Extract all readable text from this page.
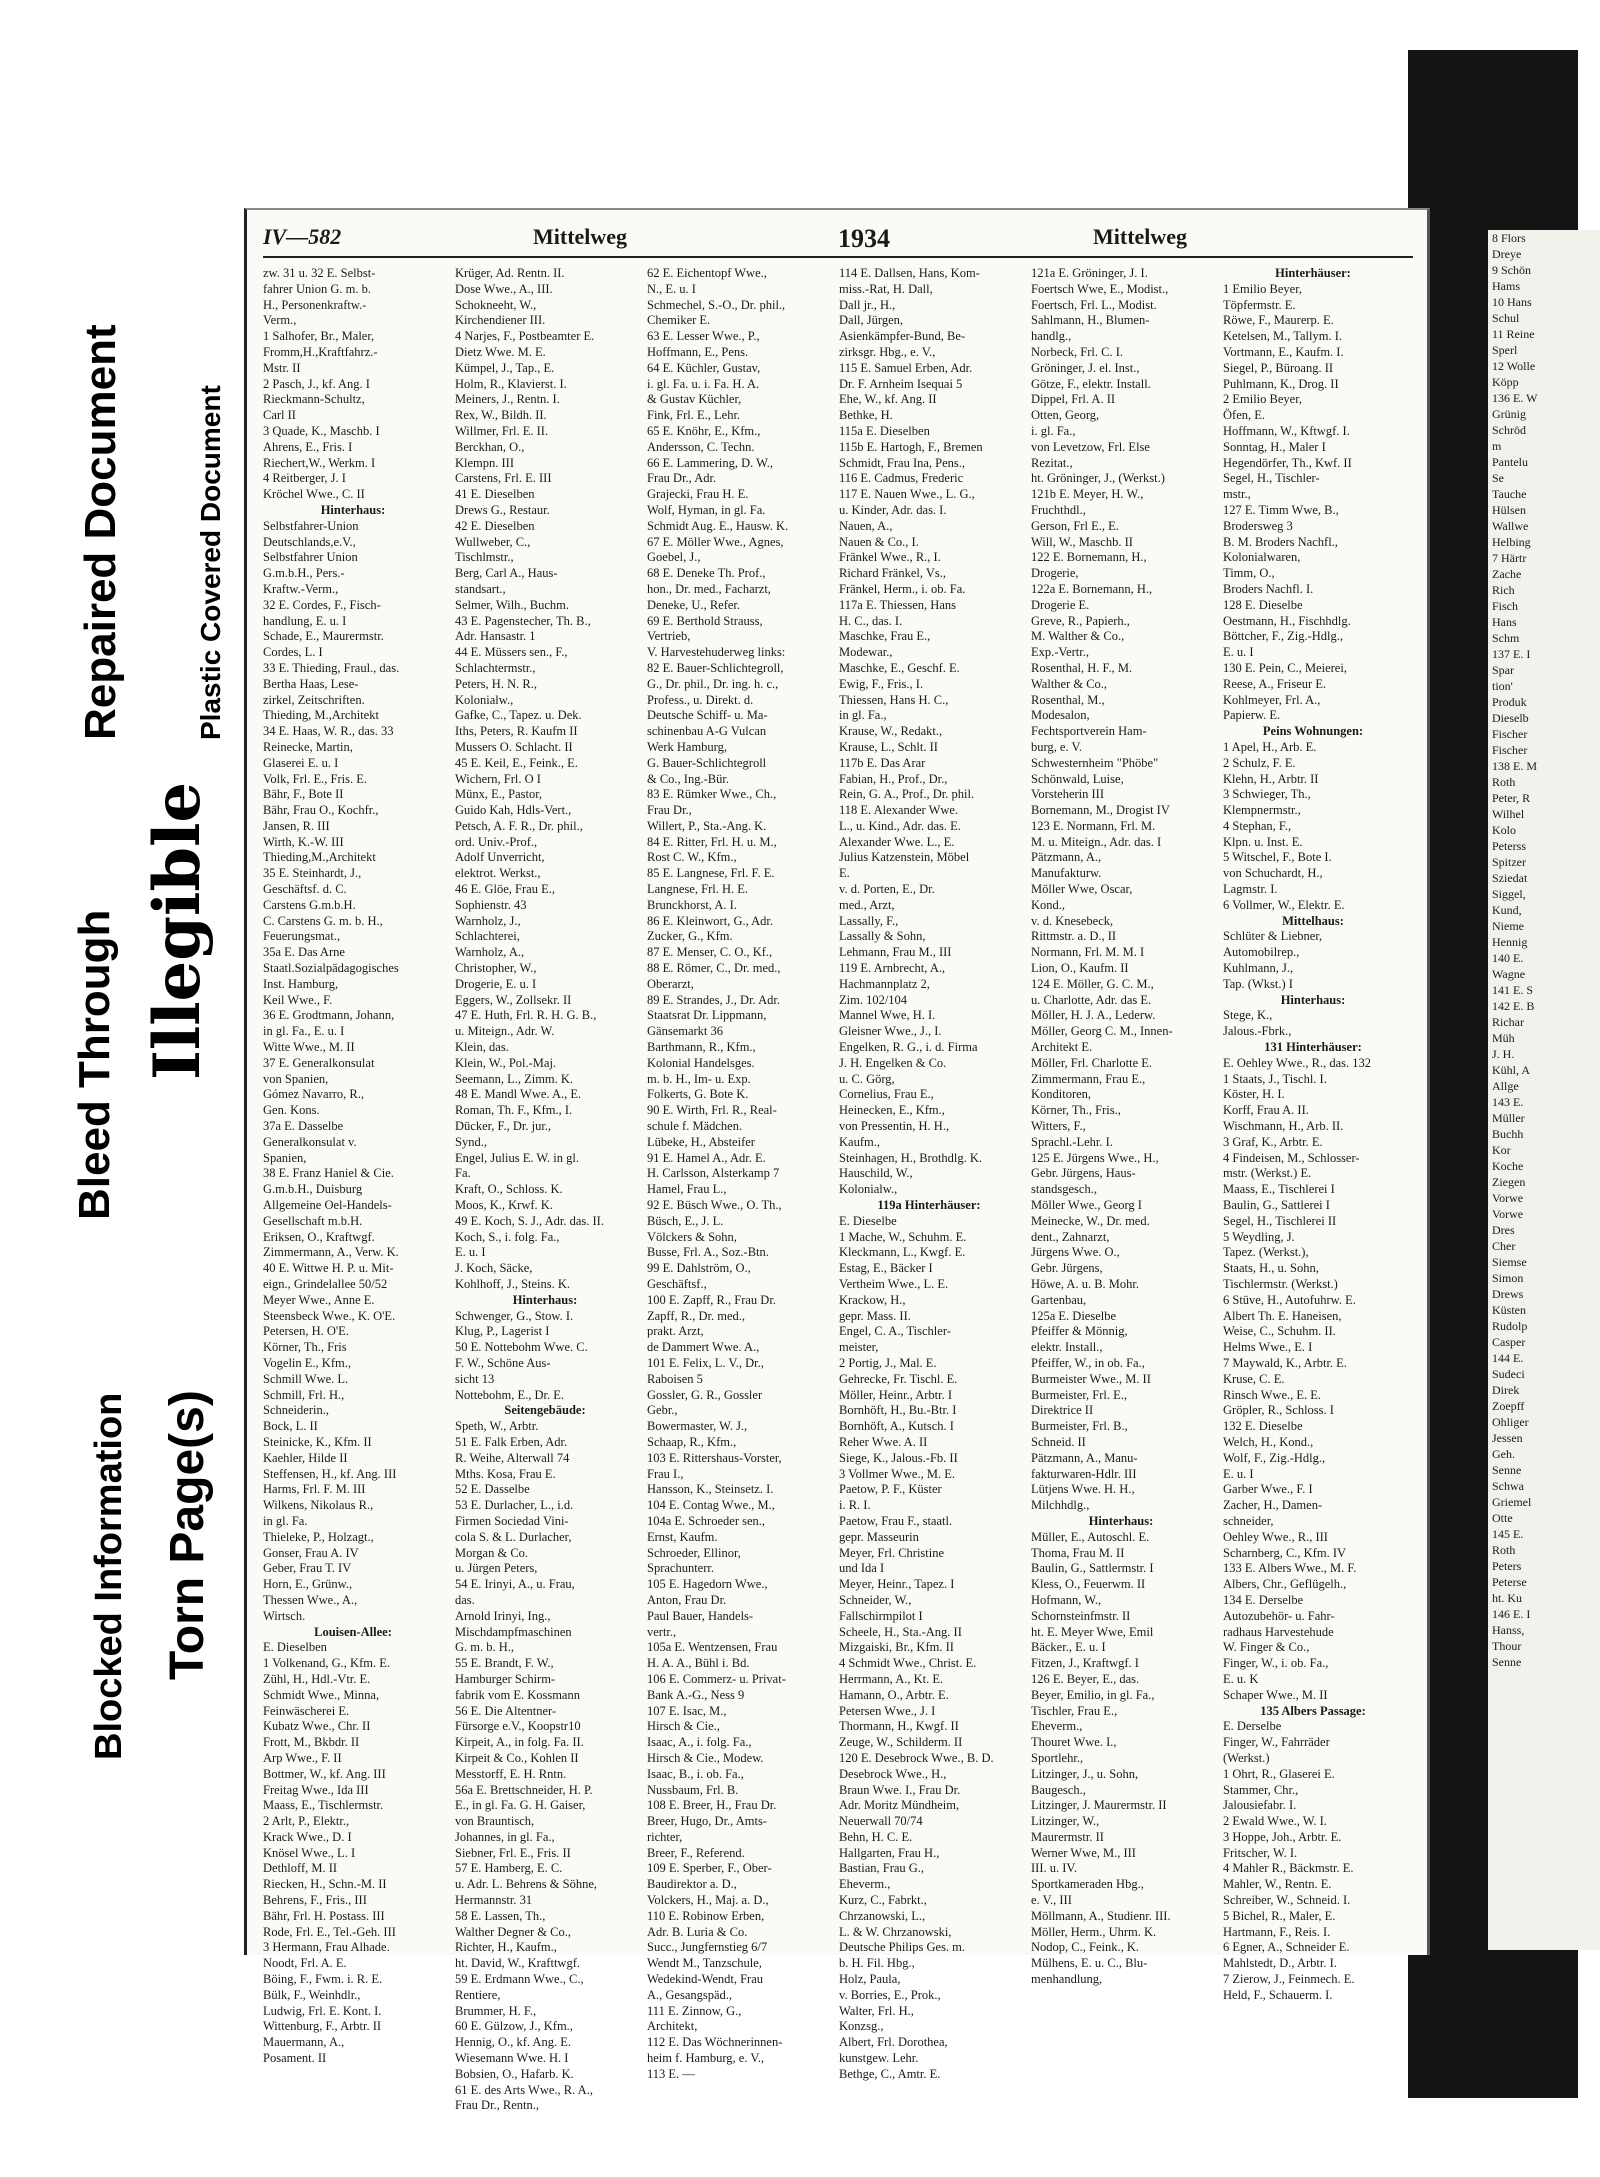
8 Flors
Dreye
9 Schön
Hams
10 Hans
Schul
11 Reine
Sperl
12 Wolle
Köpp
136 E. W
Grünig
Schröd
m
Pantelu
Se
Tauche
Hülsen
Wallwe
Helbing
7 Härtr
Zache
Rich
Fisch
Hans
Schm
137 E. I
Spar
tion'
Produk
Dieselb
Fischer
Fischer
138 E. M
Roth
Peter, R
Wilhel
Kolo
Peterss
Spitzer
Sziedat
Siggel,
Kund,
Nieme
Hennig
140 E.
Wagne
141 E. S
142 E. B
Richar
Müh
J. H.
Kühl, A
Allge
143 E.
Müller
Buchh
Kor
Koche
Ziegen
Vorwe
Vorwe
Dres
Cher
Siemse
Simon
Drews
Küsten
Rudolp
Casper
144 E.
Sudeci
Direk
Zoepff
Ohliger
Jessen
Geh.
Senne
Schwa
Griemel
Otte
145 E.
Roth
Peters
Peterse
ht. Ku
146 E. I
Hanss,
Thour
Senne
IV—582	Mittelweg	1934	Mittelweg
zw. 31 u. 32 E. Selbst-
fahrer Union G. m. b.
H., Personenkraftw.-
Verm.,
1 Salhofer, Br., Maler,
Fromm,H.,Kraftfahrz.-
Mstr. II
2 Pasch, J., kf. Ang. I
Rieckmann-Schultz,
Carl II
3 Quade, K., Maschb. I
Ahrens, E., Fris. I
Riechert,W., Werkm. I
4 Reitberger, J. I
Kröchel Wwe., C. II
Hinterhaus:
Selbstfahrer-Union
Deutschlands,e.V.,
Selbstfahrer Union
G.m.b.H., Pers.-
Kraftw.-Verm.,
32 E. Cordes, F., Fisch-
handlung, E. u. I
Schade, E., Maurermstr.
Cordes, L. I
33 E. Thieding, Fraul., das.
Bertha Haas, Lese-
zirkel, Zeitschriften.
Thieding, M.,Architekt
34 E. Haas, W. R., das. 33
Reinecke, Martin,
Glaserei E. u. I
Volk, Frl. E., Fris. E.
Bähr, F., Bote II
Bähr, Frau O., Kochfr.,
Jansen, R. III
Wirth, K.-W. III
Thieding,M.,Architekt
35 E. Steinhardt, J.,
Geschäftsf. d. C.
Carstens G.m.b.H.
C. Carstens G. m. b. H.,
Feuerungsmat.,
35a E. Das Arne
Staatl.Sozialpädagogisches
Inst. Hamburg,
Keil Wwe., F.
36 E. Grodtmann, Johann,
in gl. Fa., E. u. I
Witte Wwe., M. II
37 E. Generalkonsulat
von Spanien,
Gómez Navarro, R.,
Gen. Kons.
37a E. Dasselbe
Generalkonsulat v.
Spanien,
38 E. Franz Haniel & Cie.
G.m.b.H., Duisburg
Allgemeine Oel-Handels-
Gesellschaft m.b.H.
Eriksen, O., Kraftwgf.
Zimmermann, A., Verw. K.
40 E. Wittwe H. P. u. Mit-
eign., Grindelallee 50/52
Meyer Wwe., Anne E.
Steensbeck Wwe., K. O'E.
Petersen, H. O'E.
Körner, Th., Fris
Vogelin E., Kfm.,
Schmill Wwe. L.
Schmill, Frl. H.,
Schneiderin.,
Bock, L. II
Steinicke, K., Kfm. II
Kaehler, Hilde II
Steffensen, H., kf. Ang. III
Harms, Frl. F. M. III
Wilkens, Nikolaus R.,
in gl. Fa.
Thieleke, P., Holzagt.,
Gonser, Frau A. IV
Geber, Frau T. IV
Horn, E., Grünw.,
Thessen Wwe., A.,
Wirtsch.
Louisen-Allee:
E. Dieselben
1 Volkenand, G., Kfm. E.
Zühl, H., Hdl.-Vtr. E.
Schmidt Wwe., Minna,
Feinwäscherei E.
Kubatz Wwe., Chr. II
Frott, M., Bkbdr. II
Arp Wwe., F. II
Bottmer, W., kf. Ang. III
Freitag Wwe., Ida III
Maass, E., Tischlermstr.
2 Arlt, P., Elektr.,
Krack Wwe., D. I
Knösel Wwe., L. I
Dethloff, M. II
Riecken, H., Schn.-M. II
Behrens, F., Fris., III
Bähr, Frl. H. Postass. III
Rode, Frl. E., Tel.-Geh. III
3 Hermann, Frau Alhade.
Noodt, Frl. A. E.
Böing, F., Fwm. i. R. E.
Bülk, F., Weinhdlr.,
Ludwig, Frl. E. Kont. I.
Wittenburg, F., Arbtr. II
Mauermann, A.,
Posament. II
Krüger, Ad. Rentn. II.
Dose Wwe., A., III.
Schokneeht, W.,
Kirchendiener III.
4 Narjes, F., Postbeamter E.
Dietz Wwe. M. E.
Kümpel, J., Tap., E.
Holm, R., Klavierst. I.
Meiners, J., Rentn. I.
Rex, W., Bildh. II.
Willmer, Frl. E. II.
Berckhan, O.,
Klempn. III
Carstens, Frl. E. III
41 E. Dieselben
Drews G., Restaur.
42 E. Dieselben
Wullweber, C.,
Tischlmstr.,
Berg, Carl A., Haus-
standsart.,
Selmer, Wilh., Buchm.
43 E. Pagenstecher, Th. B.,
Adr. Hansastr. 1
44 E. Müssers sen., F.,
Schlachtermstr.,
Peters, H. N. R.,
Kolonialw.,
Gafke, C., Tapez. u. Dek.
Iths, Peters, R. Kaufm II
Mussers O. Schlacht. II
45 E. Keil, E., Feink., E.
Wichern, Frl. O I
Münx, E., Pastor,
Guido Kah, Hdls-Vert.,
Petsch, A. F. R., Dr. phil.,
ord. Univ.-Prof.,
Adolf Unverricht,
elektrot. Werkst.,
46 E. Glöe, Frau E.,
Sophienstr. 43
Warnholz, J.,
Schlachterei,
Warnholz, A.,
Christopher, W.,
Drogerie, E. u. I
Eggers, W., Zollsekr. II
47 E. Huth, Frl. R. H. G. B.,
u. Miteign., Adr. W.
Klein, das.
Klein, W., Pol.-Maj.
Seemann, L., Zimm. K.
48 E. Mandl Wwe. A., E.
Roman, Th. F., Kfm., I.
Dücker, F., Dr. jur.,
Synd.,
Engel, Julius E. W. in gl.
Fa.
Kraft, O., Schloss. K.
Moos, K., Krwf. K.
49 E. Koch, S. J., Adr. das. II.
Koch, S., i. folg. Fa.,
E. u. I
J. Koch, Säcke,
Kohlhoff, J., Steins. K.
Hinterhaus:
Schwenger, G., Stow. I.
Klug, P., Lagerist I
50 E. Nottebohm Wwe. C.
F. W., Schöne Aus-
sicht 13
Nottebohm, E., Dr. E.
Seitengebäude:
Speth, W., Arbtr.
51 E. Falk Erben, Adr.
R. Weihe, Alterwall 74
Mths. Kosa, Frau E.
52 E. Dasselbe
53 E. Durlacher, L., i.d.
Firmen Sociedad Vini-
cola S. & L. Durlacher,
Morgan & Co.
u. Jürgen Peters,
54 E. Irinyi, A., u. Frau,
das.
Arnold Irinyi, Ing.,
Mischdampfmaschinen
G. m. b. H.,
55 E. Brandt, F. W.,
Hamburger Schirm-
fabrik vom E. Kossmann
56 E. Die Altentner-
Fürsorge e.V., Koopstr10
Kirpeit, A., in folg. Fa. II.
Kirpeit & Co., Kohlen II
Messtorff, E. H. Rntn.
56a E. Brettschneider, H. P.
E., in gl. Fa. G. H. Gaiser,
von Brauntisch,
Johannes, in gl. Fa.,
Siebner, Frl. E., Fris. II
57 E. Hamberg, E. C.
u. Adr. L. Behrens & Söhne,
Hermannstr. 31
58 E. Lassen, Th.,
Walther Degner & Co.,
Richter, H., Kaufm.,
ht. David, W., Krafttwgf.
59 E. Erdmann Wwe., C.,
Rentiere,
Brummer, H. F.,
60 E. Gülzow, J., Kfm.,
Hennig, O., kf. Ang. E.
Wiesemann Wwe. H. I
Bobsien, O., Hafarb. K.
61 E. des Arts Wwe., R. A.,
Frau Dr., Rentn.,
62 E. Eichentopf Wwe.,
N., E. u. I
Schmechel, S.-O., Dr. phil.,
Chemiker E.
63 E. Lesser Wwe., P.,
Hoffmann, E., Pens.
64 E. Küchler, Gustav,
i. gl. Fa. u. i. Fa. H. A.
& Gustav Küchler,
Fink, Frl. E., Lehr.
65 E. Knöhr, E., Kfm.,
Andersson, C. Techn.
66 E. Lammering, D. W.,
Frau Dr., Adr.
Grajecki, Frau H. E.
Wolf, Hyman, in gl. Fa.
Schmidt Aug. E., Hausw. K.
67 E. Möller Wwe., Agnes,
Goebel, J.,
68 E. Deneke Th. Prof.,
hon., Dr. med., Facharzt,
Deneke, U., Refer.
69 E. Berthold Strauss,
Vertrieb,
V. Harvestehuderweg links:
82 E. Bauer-Schlichtegroll,
G., Dr. phil., Dr. ing. h. c.,
Profess., u. Direkt. d.
Deutsche Schiff- u. Ma-
schinenbau A-G Vulcan
Werk Hamburg,
G. Bauer-Schlichtegroll
& Co., Ing.-Bür.
83 E. Rümker Wwe., Ch.,
Frau Dr.,
Willert, P., Sta.-Ang. K.
84 E. Ritter, Frl. H. u. M.,
Rost C. W., Kfm.,
85 E. Langnese, Frl. F. E.
Langnese, Frl. H. E.
Brunckhorst, A. I.
86 E. Kleinwort, G., Adr.
Zucker, G., Kfm.
87 E. Menser, C. O., Kf.,
88 E. Römer, C., Dr. med.,
Oberarzt,
89 E. Strandes, J., Dr. Adr.
Staatsrat Dr. Lippmann,
Gänsemarkt 36
Barthmann, R., Kfm.,
Kolonial Handelsges.
m. b. H., Im- u. Exp.
Folkerts, G. Bote K.
90 E. Wirth, Frl. R., Real-
schule f. Mädchen.
Lübeke, H., Absteifer
91 E. Hamel A., Adr. E.
H. Carlsson, Alsterkamp 7
Hamel, Frau L.,
92 E. Büsch Wwe., O. Th.,
Büsch, E., J. L.
Völckers & Sohn,
Busse, Frl. A., Soz.-Btn.
99 E. Dahlström, O.,
Geschäftsf.,
100 E. Zapff, R., Frau Dr.
Zapff, R., Dr. med.,
prakt. Arzt,
de Dammert Wwe. A.,
101 E. Felix, L. V., Dr.,
Raboisen 5
Gossler, G. R., Gossler
Gebr.,
Bowermaster, W. J.,
Schaap, R., Kfm.,
103 E. Rittershaus-Vorster,
Frau I.,
Hansson, K., Steinsetz. I.
104 E. Contag Wwe., M.,
104a E. Schroeder sen.,
Ernst, Kaufm.
Schroeder, Ellinor,
Sprachunterr.
105 E. Hagedorn Wwe.,
Anton, Frau Dr.
Paul Bauer, Handels-
vertr.,
105a E. Wentzensen, Frau
H. A. A., Bühl i. Bd.
106 E. Commerz- u. Privat-
Bank A.-G., Ness 9
107 E. Isac, M.,
Hirsch & Cie.,
Isaac, A., i. folg. Fa.,
Hirsch & Cie., Modew.
Isaac, B., i. ob. Fa.,
Nussbaum, Frl. B.
108 E. Breer, H., Frau Dr.
Breer, Hugo, Dr., Amts-
richter,
Breer, F., Referend.
109 E. Sperber, F., Ober-
Baudirektor a. D.,
Volckers, H., Maj. a. D.,
110 E. Robinow Erben,
Adr. B. Luria & Co.
Succ., Jungfernstieg 6/7
Wendt M., Tanzschule,
Wedekind-Wendt, Frau
A., Gesangspäd.,
111 E. Zinnow, G.,
Architekt,
112 E. Das Wöchnerinnen-
heim f. Hamburg, e. V.,
113 E. —
114 E. Dallsen, Hans, Kom-
miss.-Rat, H. Dall,
Dall jr., H.,
Dall, Jürgen,
Asienkämpfer-Bund, Be-
zirksgr. Hbg., e. V.,
115 E. Samuel Erben, Adr.
Dr. F. Arnheim Isequai 5
Ehe, W., kf. Ang. II
Bethke, H.
115a E. Dieselben
115b E. Hartogh, F., Bremen
Schmidt, Frau Ina, Pens.,
116 E. Cadmus, Frederic
117 E. Nauen Wwe., L. G.,
u. Kinder, Adr. das. I.
Nauen, A.,
Nauen & Co., I.
Fränkel Wwe., R., I.
Richard Fränkel, Vs.,
Fränkel, Herm., i. ob. Fa.
117a E. Thiessen, Hans
H. C., das. I.
Maschke, Frau E.,
Modewar.,
Maschke, E., Geschf. E.
Ewig, F., Fris., I.
Thiessen, Hans H. C.,
in gl. Fa.,
Krause, W., Redakt.,
Krause, L., Schlt. II
117b E. Das Arar
Fabian, H., Prof., Dr.,
Rein, G. A., Prof., Dr. phil.
118 E. Alexander Wwe.
L., u. Kind., Adr. das. E.
Alexander Wwe. L., E.
Julius Katzenstein, Möbel
E.
v. d. Porten, E., Dr.
med., Arzt,
Lassally, F.,
Lassally & Sohn,
Lehmann, Frau M., III
119 E. Arnbrecht, A.,
Hachmannplatz 2,
Zim. 102/104
Mannel Wwe, H. I.
Gleisner Wwe., J., I.
Engelken, R. G., i. d. Firma
J. H. Engelken & Co.
u. C. Görg,
Cornelius, Frau E.,
Heinecken, E., Kfm.,
von Pressentin, H. H.,
Kaufm.,
Steinhagen, H., Brothdlg. K.
Hauschild, W.,
Kolonialw.,
119a Hinterhäuser:
E. Dieselbe
1 Mache, W., Schuhm. E.
Kleckmann, L., Kwgf. E.
Estag, E., Bäcker I
Vertheim Wwe., L. E.
Krackow, H.,
gepr. Mass. II.
Engel, C. A., Tischler-
meister,
2 Portig, J., Mal. E.
Gehrecke, Fr. Tischl. E.
Möller, Heinr., Arbtr. I
Bornhöft, H., Bu.-Btr. I
Bornhöft, A., Kutsch. I
Reher Wwe. A. II
Siege, K., Jalous.-Fb. II
3 Vollmer Wwe., M. E.
Paetow, P. F., Küster
i. R. I.
Paetow, Frau F., staatl.
gepr. Masseurin
Meyer, Frl. Christine
und Ida I
Meyer, Heinr., Tapez. I
Schneider, W.,
Fallschirmpilot I
Scheele, H., Sta.-Ang. II
Mizgaiski, Br., Kfm. II
4 Schmidt Wwe., Christ. E.
Herrmann, A., Kt. E.
Hamann, O., Arbtr. E.
Petersen Wwe., J. I
Thormann, H., Kwgf. II
Zeuge, W., Schilderm. II
120 E. Desebrock Wwe., B. D.
Desebrock Wwe., H.,
Braun Wwe. I., Frau Dr.
Adr. Moritz Mündheim,
Neuerwall 70/74
Behn, H. C. E.
Hallgarten, Frau H.,
Bastian, Frau G.,
Eheverm.,
Kurz, C., Fabrkt.,
Chrzanowski, L.,
L. & W. Chrzanowski,
Deutsche Philips Ges. m.
b. H. Fil. Hbg.,
Holz, Paula,
v. Borries, E., Prok.,
Walter, Frl. H.,
Konzsg.,
Albert, Frl. Dorothea,
kunstgew. Lehr.
Bethge, C., Amtr. E.
121a E. Gröninger, J. I.
Foertsch Wwe, E., Modist.,
Foertsch, Frl. L., Modist.
Sahlmann, H., Blumen-
handlg.,
Norbeck, Frl. C. I.
Gröninger, J. el. Inst.,
Götze, F., elektr. Install.
Dippel, Frl. A. II
Otten, Georg,
i. gl. Fa.,
von Levetzow, Frl. Else
Rezitat.,
ht. Gröninger, J., (Werkst.)
121b E. Meyer, H. W.,
Fruchthdl.,
Gerson, Frl E., E.
Will, W., Maschb. II
122 E. Bornemann, H.,
Drogerie,
122a E. Bornemann, H.,
Drogerie E.
Greve, R., Papierh.,
M. Walther & Co.,
Exp.-Vertr.,
Rosenthal, H. F., M.
Walther & Co.,
Rosenthal, M.,
Modesalon,
Fechtsportverein Ham-
burg, e. V.
Schwesternheim "Phöbe"
Schönwald, Luise,
Vorsteherin III
Bornemann, M., Drogist IV
123 E. Normann, Frl. M.
M. u. Miteign., Adr. das. I
Pätzmann, A.,
Manufakturw.
Möller Wwe, Oscar,
Kond.,
v. d. Knesebeck,
Rittmstr. a. D., II
Normann, Frl. M. M. I
Lion, O., Kaufm. II
124 E. Möller, G. C. M.,
u. Charlotte, Adr. das E.
Möller, H. J. A., Lederw.
Möller, Georg C. M., Innen-
Architekt E.
Möller, Frl. Charlotte E.
Zimmermann, Frau E.,
Konditoren,
Körner, Th., Fris.,
Witters, F.,
Sprachl.-Lehr. I.
125 E. Jürgens Wwe., H.,
Gebr. Jürgens, Haus-
standsgesch.,
Möller Wwe., Georg I
Meinecke, W., Dr. med.
dent., Zahnarzt,
Jürgens Wwe. O.,
Gebr. Jürgens,
Höwe, A. u. B. Mohr.
Gartenbau,
125a E. Dieselbe
Pfeiffer & Mönnig,
elektr. Install.,
Pfeiffer, W., in ob. Fa.,
Burmeister Wwe., M. II
Burmeister, Frl. E.,
Direktrice II
Burmeister, Frl. B.,
Schneid. II
Pätzmann, A., Manu-
fakturwaren-Hdlr. III
Lütjens Wwe. H. H.,
Milchhdlg.,
Hinterhaus:
Müller, E., Autoschl. E.
Thoma, Frau M. II
Baulin, G., Sattlermstr. I
Kless, O., Feuerwm. II
Hofmann, W.,
Schornsteinfmstr. II
ht. E. Meyer Wwe, Emil
Bäcker., E. u. I
Fitzen, J., Kraftwgf. I
126 E. Beyer, E., das.
Beyer, Emilio, in gl. Fa.,
Tischler, Frau E.,
Eheverm.,
Thouret Wwe. I.,
Sportlehr.,
Litzinger, J., u. Sohn,
Baugesch.,
Litzinger, J. Maurermstr. II
Litzinger, W.,
Maurermstr. II
Werner Wwe, M., III
III. u. IV.
Sportkameraden Hbg.,
e. V., III
Möllmann, A., Studienr. III.
Möller, Herm., Uhrm. K.
Nodop, C., Feink., K.
Mülhens, E. u. C., Blu-
menhandlung,
Hinterhäuser:
1 Emilio Beyer,
Töpfermstr. E.
Röwe, F., Maurerp. E.
Ketelsen, M., Tallym. I.
Vortmann, E., Kaufm. I.
Siegel, P., Büroang. II
Puhlmann, K., Drog. II
2 Emilio Beyer,
Öfen, E.
Hoffmann, W., Kftwgf. I.
Sonntag, H., Maler I
Hegendörfer, Th., Kwf. II
Segel, H., Tischler-
mstr.,
127 E. Timm Wwe, B.,
Brodersweg 3
B. M. Broders Nachfl.,
Kolonialwaren,
Timm, O.,
Broders Nachfl. I.
128 E. Dieselbe
Oestmann, H., Fischhdlg.
Böttcher, F., Zig.-Hdlg.,
E. u. I
130 E. Pein, C., Meierei,
Reese, A., Friseur E.
Kohlmeyer, Frl. A.,
Papierw. E.
Peins Wohnungen:
1 Apel, H., Arb. E.
2 Schulz, F. E.
Klehn, H., Arbtr. II
3 Schwieger, Th.,
Klempnermstr.,
4 Stephan, F.,
Klpn. u. Inst. E.
5 Witschel, F., Bote I.
von Schuchardt, H.,
Lagmstr. I.
6 Vollmer, W., Elektr. E.
Mittelhaus:
Schlüter & Liebner,
Automobilrep.,
Kuhlmann, J.,
Tap. (Wkst.) I
Hinterhaus:
Stege, K.,
Jalous.-Fbrk.,
131 Hinterhäuser:
E. Oehley Wwe., R., das. 132
1 Staats, J., Tischl. I.
Köster, H. I.
Korff, Frau A. II.
Wischmann, H., Arb. II.
3 Graf, K., Arbtr. E.
4 Findeisen, M., Schlosser-
mstr. (Werkst.) E.
Maass, E., Tischlerei I
Baulin, G., Sattlerei I
Segel, H., Tischlerei II
5 Weydling, J.
Tapez. (Werkst.),
Staats, H., u. Sohn,
Tischlermstr. (Werkst.)
6 Stüve, H., Autofuhrw. E.
Albert Th. E. Haneisen,
Weise, C., Schuhm. II.
Helms Wwe., E. I
7 Maywald, K., Arbtr. E.
Kruse, C. E.
Rinsch Wwe., E. E.
Gröpler, R., Schloss. I
132 E. Dieselbe
Welch, H., Kond.,
Wolf, F., Zig.-Hdlg.,
E. u. I
Garber Wwe., F. I
Zacher, H., Damen-
schneider,
Oehley Wwe., R., III
Scharnberg, C., Kfm. IV
133 E. Albers Wwe., M. F.
Albers, Chr., Geflügelh.,
134 E. Derselbe
Autozubehör- u. Fahr-
radhaus Harvestehude
W. Finger & Co.,
Finger, W., i. ob. Fa.,
E. u. K
Schaper Wwe., M. II
135 Albers Passage:
E. Derselbe
Finger, W., Fahrräder
(Werkst.)
1 Ohrt, R., Glaserei E.
Stammer, Chr.,
Jalousiefabr. I.
2 Ewald Wwe., W. I.
3 Hoppe, Joh., Arbtr. E.
Fritscher, W. I.
4 Mahler R., Bäckmstr. E.
Mahler, W., Rentn. E.
Schreiber, W., Schneid. I.
5 Bichel, R., Maler, E.
Hartmann, F., Reis. I.
6 Egner, A., Schneider E.
Mahlstedt, D., Arbtr. I.
7 Zierow, J., Feinmech. E.
Held, F., Schauerm. I.
Blocked Information Torn Page(s)
Bleed Through Illegible
Repaired Document	Plastic Covered Document
